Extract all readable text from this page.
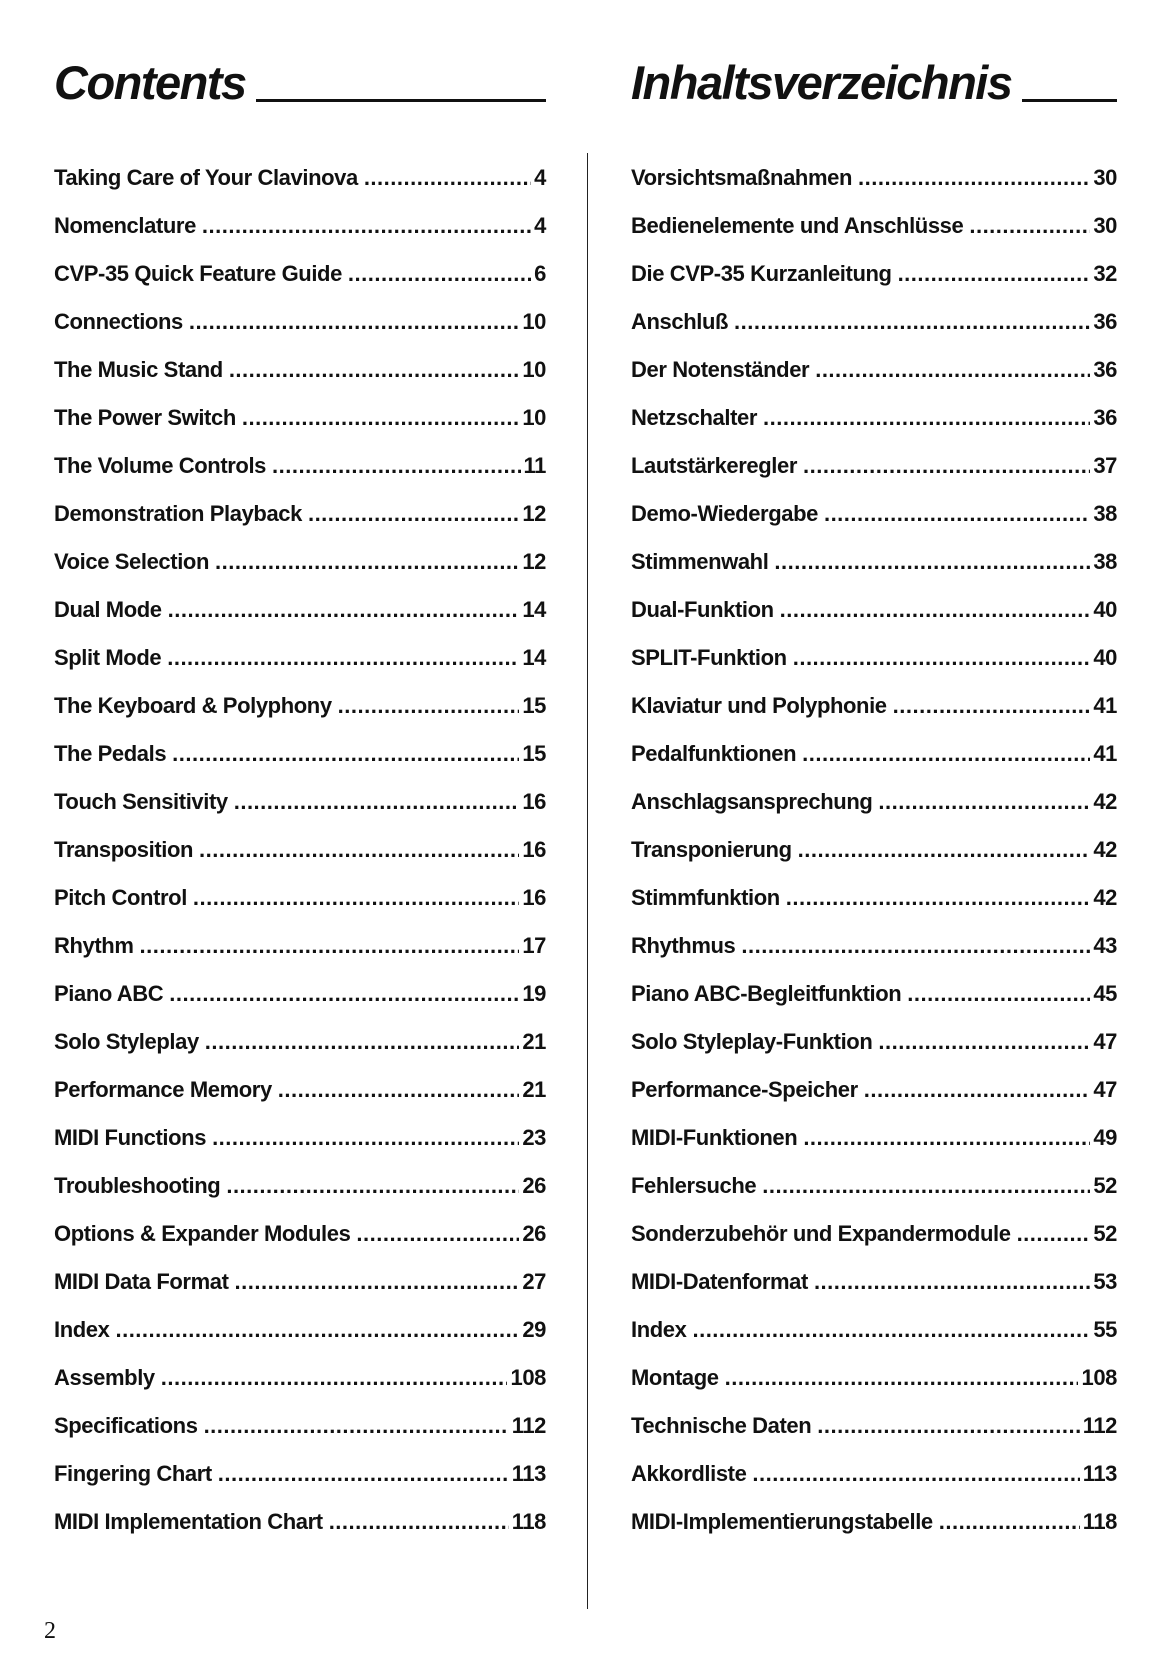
Contents
Taking Care of Your Clavinova .....	4
Nomenclature .....	4
CVP-35 Quick Feature Guide .....	6
Connections .....	10
The Music Stand .....	10
The Power Switch .....	10
The Volume Controls .....	11
Demonstration Playback .....	12
Voice Selection .....	12
Dual Mode .....	14
Split Mode .....	14
The Keyboard & Polyphony .....	15
The Pedals .....	15
Touch Sensitivity .....	16
Transposition .....	16
Pitch Control .....	16
Rhythm .....	17
Piano ABC .....	19
Solo Styleplay .....	21
Performance Memory .....	21
MIDI Functions .....	23
Troubleshooting .....	26
Options & Expander Modules .....	26
MIDI Data Format .....	27
Index .....	29
Assembly .....	108
Specifications .....	112
Fingering Chart .....	113
MIDI Implementation Chart .....	118
Inhaltsverzeichnis
Vorsichtsmaßnahmen .....	30
Bedienelemente und Anschlüsse .....	30
Die CVP-35 Kurzanleitung .....	32
Anschluß .....	36
Der Notenständer .....	36
Netzschalter .....	36
Lautstärkeregler .....	37
Demo-Wiedergabe .....	38
Stimmenwahl .....	38
Dual-Funktion .....	40
SPLIT-Funktion .....	40
Klaviatur und Polyphonie .....	41
Pedalfunktionen .....	41
Anschlagsansprechung .....	42
Transponierung .....	42
Stimmfunktion .....	42
Rhythmus .....	43
Piano ABC-Begleitfunktion .....	45
Solo Styleplay-Funktion .....	47
Performance-Speicher .....	47
MIDI-Funktionen .....	49
Fehlersuche .....	52
Sonderzubehör und Expandermodule .....	52
MIDI-Datenformat .....	53
Index .....	55
Montage .....	108
Technische Daten .....	112
Akkordliste .....	113
MIDI-Implementierungstabelle .....	118
2
